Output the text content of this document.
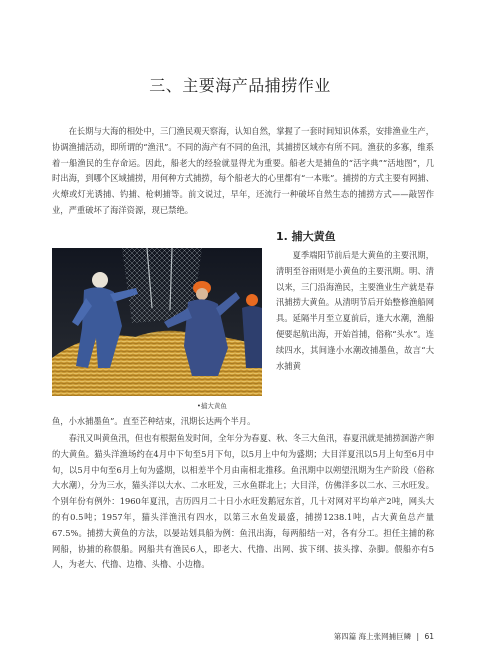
三、主要海产品捕捞作业

在长期与大海的相处中，三门渔民观天察海，认知自然，掌握了一套时间知识体系，安排渔业生产，协调渔捕活动，即所谓的“渔汛”。不同的海产有不同的鱼汛，其捕捞区域亦有所不同。渔获的多寡，维系着一船渔民的生存命运。因此，船老大的经验就显得尤为重要。船老大是捕鱼的“活字典”“活地图”，几时出海，到哪个区域捕捞，用何种方式捕捞，每个船老大的心里都有“一本账”。捕捞的方式主要有网捕、火燎或灯光诱捕、钓捕、枪刺捕等。前文说过，早年，还流行一种破坏自然生态的捕捞方式——敲罟作业，严重破坏了海洋资源，现已禁绝。

•捕大黄鱼
1. 捕大黄鱼

夏季端阳节前后是大黄鱼的主要汛期，清明至谷雨则是小黄鱼的主要汛期。明、清以来，三门沿海渔民，主要渔业生产就是春汛捕捞大黄鱼。从清明节后开始整修渔船网具。延隔半月至立夏前后，逢大水潮，渔船便要起航出海，开始首捕，俗称“头水”。连续四水，其间逢小水潮改捕墨鱼，故言“大水捕黄

鱼，小水捕墨鱼”。直至芒种结束，汛期长达两个半月。

春汛又叫黄鱼汛，但也有根据鱼发时间，全年分为春夏、秋、冬三大鱼汛，春夏汛就是捕捞洄游产卵的大黄鱼。猫头洋渔场约在4月中下旬至5月下旬，以5月上中旬为盛期；大目洋夏汛以5月上旬至6月中旬，以5月中旬至6月上旬为盛期，以相差半个月由南相北推移。鱼汛期中以朔望汛期为生产阶段（俗称大水潮），分为三水，猫头洋以大水、二水旺发，三水鱼群北上；大目洋，仿佛洋多以二水、三水旺发。个别年份有例外：1960年夏汛，吉历四月二十日小水旺发鹅冠东首，几十对网对平均单产2吨，网头大的有0.5吨；1957年，猫头洋渔汛有四水，以第三水鱼发最盛，捕捞1238.1吨，占大黄鱼总产量67.5%。捕捞大黄鱼的方法，以晏站划具船为例：鱼汛出海，每两船结一对，各有分工。担任主捕的称网船，协捕的称偎船。网船共有渔民6人，即老大、代撸、出网、拔下纲、拔头撑、杂脚。偎船亦有5人，为老大、代撸、边橹、头橹、小边橹。

第四篇 海上张网捕巨鳞 | 61
